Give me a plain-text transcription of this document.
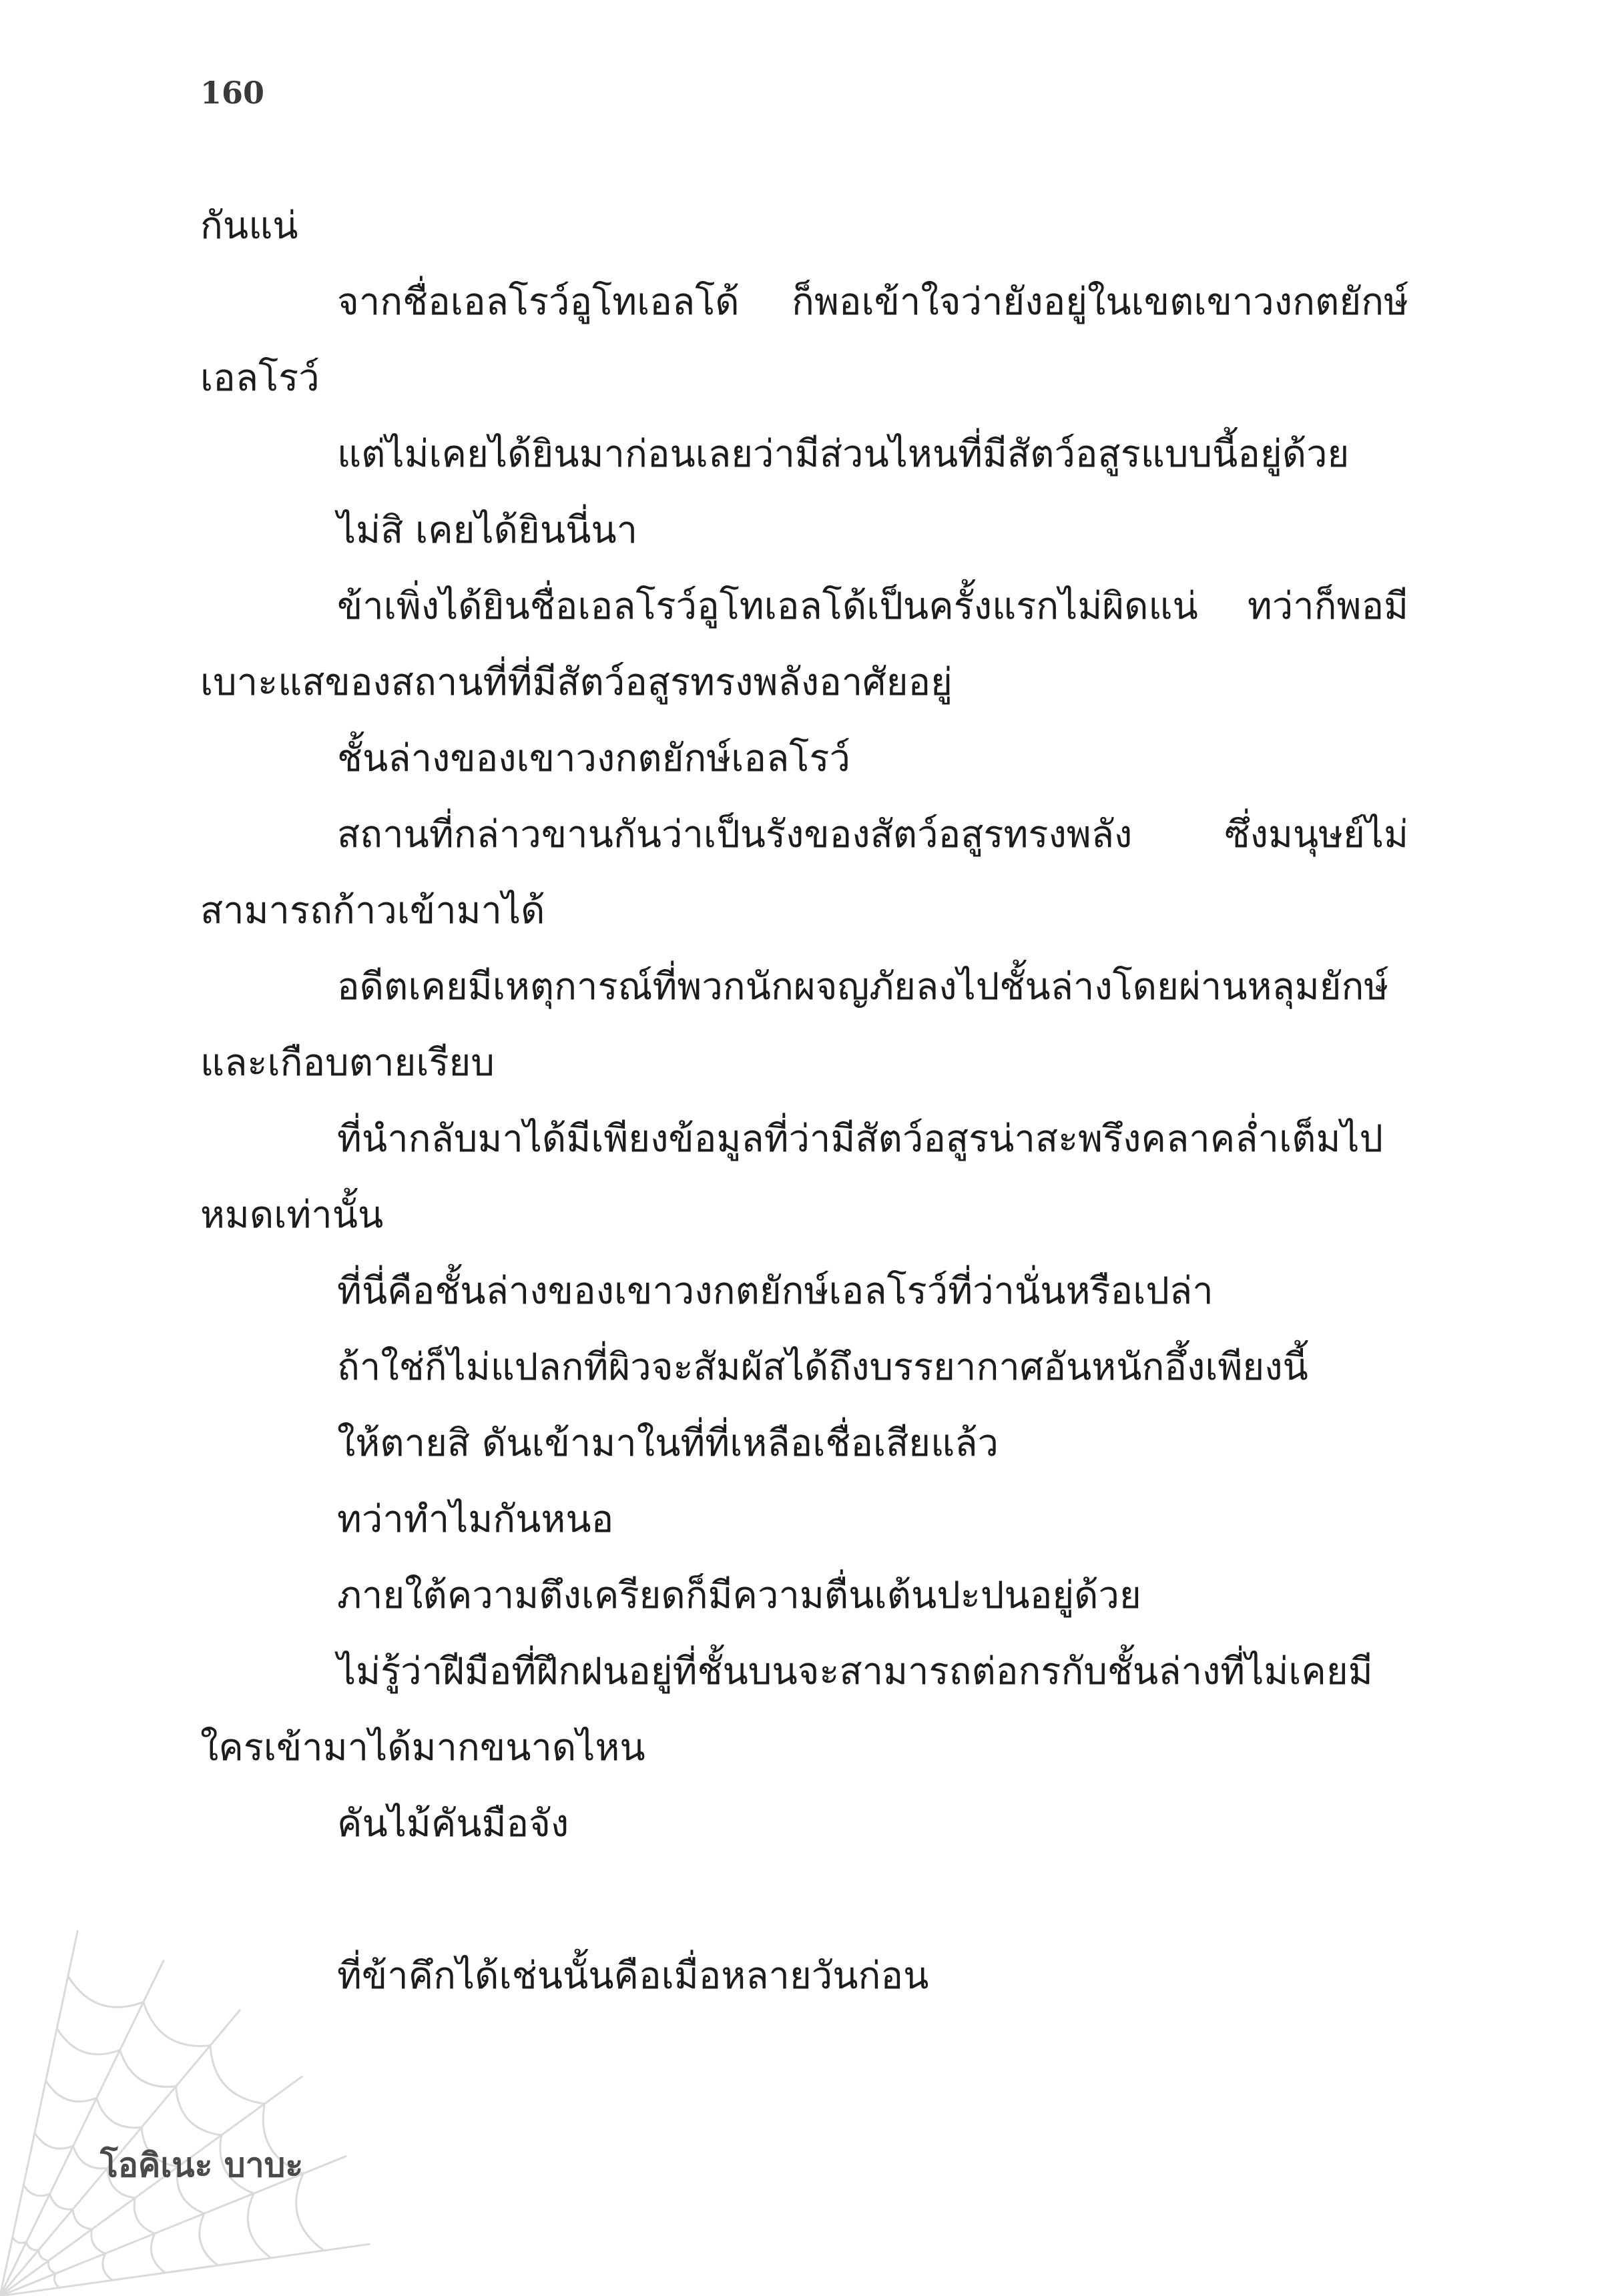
160

กันแน่

จากชื่อเอลโรว์อูโทเอลโด้ ก็พอเข้าใจว่ายังอยู่ในเขตเขาวงกตยักษ์เอลโรว์

แต่ไม่เคยได้ยินมาก่อนเลยว่ามีส่วนไหนที่มีสัตว์อสูรแบบนี้อยู่ด้วย

ไม่สิ เคยได้ยินนี่นา

ข้าเพิ่งได้ยินชื่อเอลโรว์อูโทเอลโด้เป็นครั้งแรกไม่ผิดแน่ ทว่าก็พอมีเบาะแสของสถานที่ที่มีสัตว์อสูรทรงพลังอาศัยอยู่

ชั้นล่างของเขาวงกตยักษ์เอลโรว์

สถานที่กล่าวขานกันว่าเป็นรังของสัตว์อสูรทรงพลัง ซึ่งมนุษย์ไม่สามารถก้าวเข้ามาได้

อดีตเคยมีเหตุการณ์ที่พวกนักผจญภัยลงไปชั้นล่างโดยผ่านหลุมยักษ์และเกือบตายเรียบ

ที่นำกลับมาได้มีเพียงข้อมูลที่ว่ามีสัตว์อสูรน่าสะพรึงคลาคล่ำเต็มไปหมดเท่านั้น

ที่นี่คือชั้นล่างของเขาวงกตยักษ์เอลโรว์ที่ว่านั่นหรือเปล่า

ถ้าใช่ก็ไม่แปลกที่ผิวจะสัมผัสได้ถึงบรรยากาศอันหนักอึ้งเพียงนี้

ให้ตายสิ ดันเข้ามาในที่ที่เหลือเชื่อเสียแล้ว

ทว่าทำไมกันหนอ

ภายใต้ความตึงเครียดก็มีความตื่นเต้นปะปนอยู่ด้วย

ไม่รู้ว่าฝีมือที่ฝึกฝนอยู่ที่ชั้นบนจะสามารถต่อกรกับชั้นล่างที่ไม่เคยมีใครเข้ามาได้มากขนาดไหน

คันไม้คันมือจัง

ที่ข้าคึกได้เช่นนั้นคือเมื่อหลายวันก่อน

โอคิเนะ บาบะ
